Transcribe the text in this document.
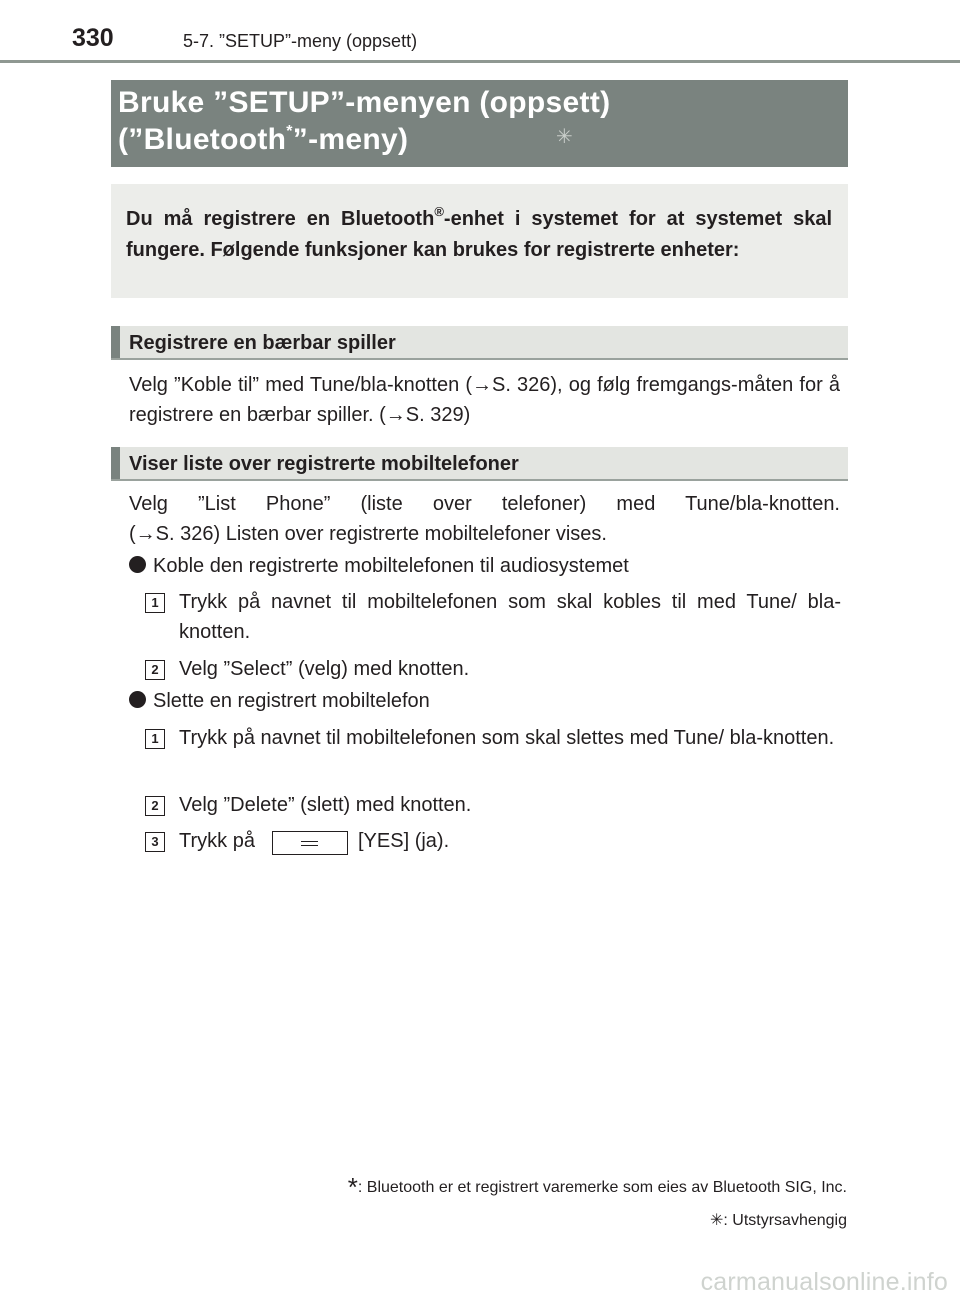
330	5-7. ”SETUP”-meny (oppsett)
Bruke ”SETUP”-menyen (oppsett)
(”Bluetooth*”-meny)	✳
Du må registrere en Bluetooth®-enhet i systemet for at systemet skal fungere. Følgende funksjoner kan brukes for registrerte enheter:
Registrere en bærbar spiller
Velg ”Koble til” med Tune/bla-knotten (→S. 326), og følg fremgangs-måten for å registrere en bærbar spiller. (→S. 329)
Viser liste over registrerte mobiltelefoner
Velg ”List Phone” (liste over telefoner) med Tune/bla-knotten.
(→S. 326) Listen over registrerte mobiltelefoner vises.
Koble den registrerte mobiltelefonen til audiosystemet
1	Trykk på navnet til mobiltelefonen som skal kobles til med Tune/ bla-knotten.
2	Velg ”Select” (velg) med knotten.
Slette en registrert mobiltelefon
1	Trykk på navnet til mobiltelefonen som skal slettes med Tune/ bla-knotten.
2	Velg ”Delete” (slett) med knotten.
3	Trykk på	[YES] (ja).
*: Bluetooth er et registrert varemerke som eies av Bluetooth SIG, Inc.
✳: Utstyrsavhengig
carmanualsonline.info
